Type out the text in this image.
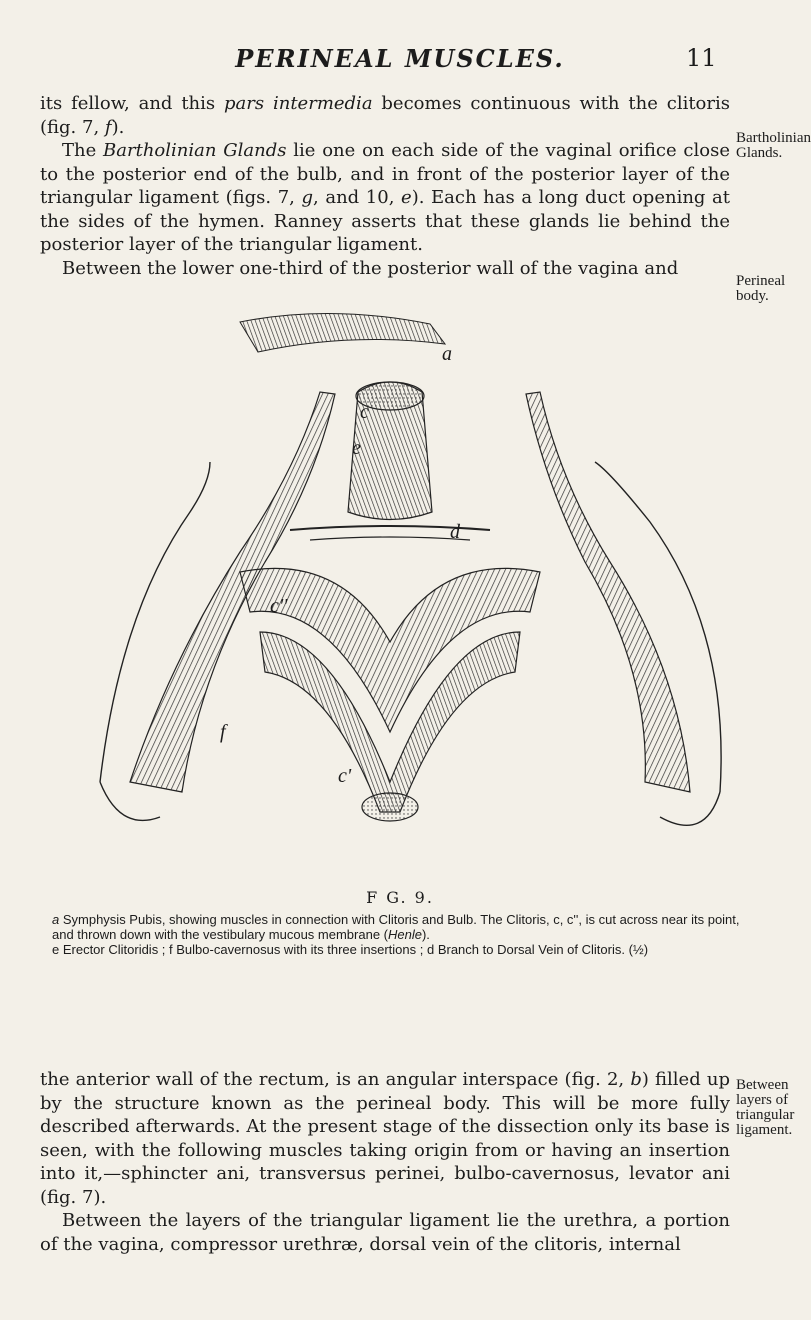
PERINEAL MUSCLES.	11

its fellow, and this pars intermedia becomes continuous with the clitoris (fig. 7, f).

The Bartholinian Glands lie one on each side of the vaginal orifice close to the posterior end of the bulb, and in front of the posterior layer of the triangular ligament (figs. 7, g, and 10, e). Each has a long duct opening at the sides of the hymen. Ranney asserts that these glands lie behind the posterior layer of the triangular ligament.

Between the lower one-third of the posterior wall of the vagina and

Bartholinian Glands.
Perineal body.
Between layers of triangular ligament.
a
c
d
e
f
c'
c''
F G. 9.

a Symphysis Pubis, showing muscles in connection with Clitoris and Bulb. The Clitoris, c, c'', is cut across near its point, and thrown down with the vestibulary mucous membrane (Henle).

e Erector Clitoridis ; f Bulbo-cavernosus with its three insertions ; d Branch to Dorsal Vein of Clitoris. (½)

the anterior wall of the rectum, is an angular interspace (fig. 2, b) filled up by the structure known as the perineal body. This will be more fully described afterwards. At the present stage of the dissection only its base is seen, with the following muscles taking origin from or having an insertion into it,—sphincter ani, transversus perinei, bulbo-cavernosus, levator ani (fig. 7).

Between the layers of the triangular ligament lie the urethra, a portion of the vagina, compressor urethræ, dorsal vein of the clitoris, internal
